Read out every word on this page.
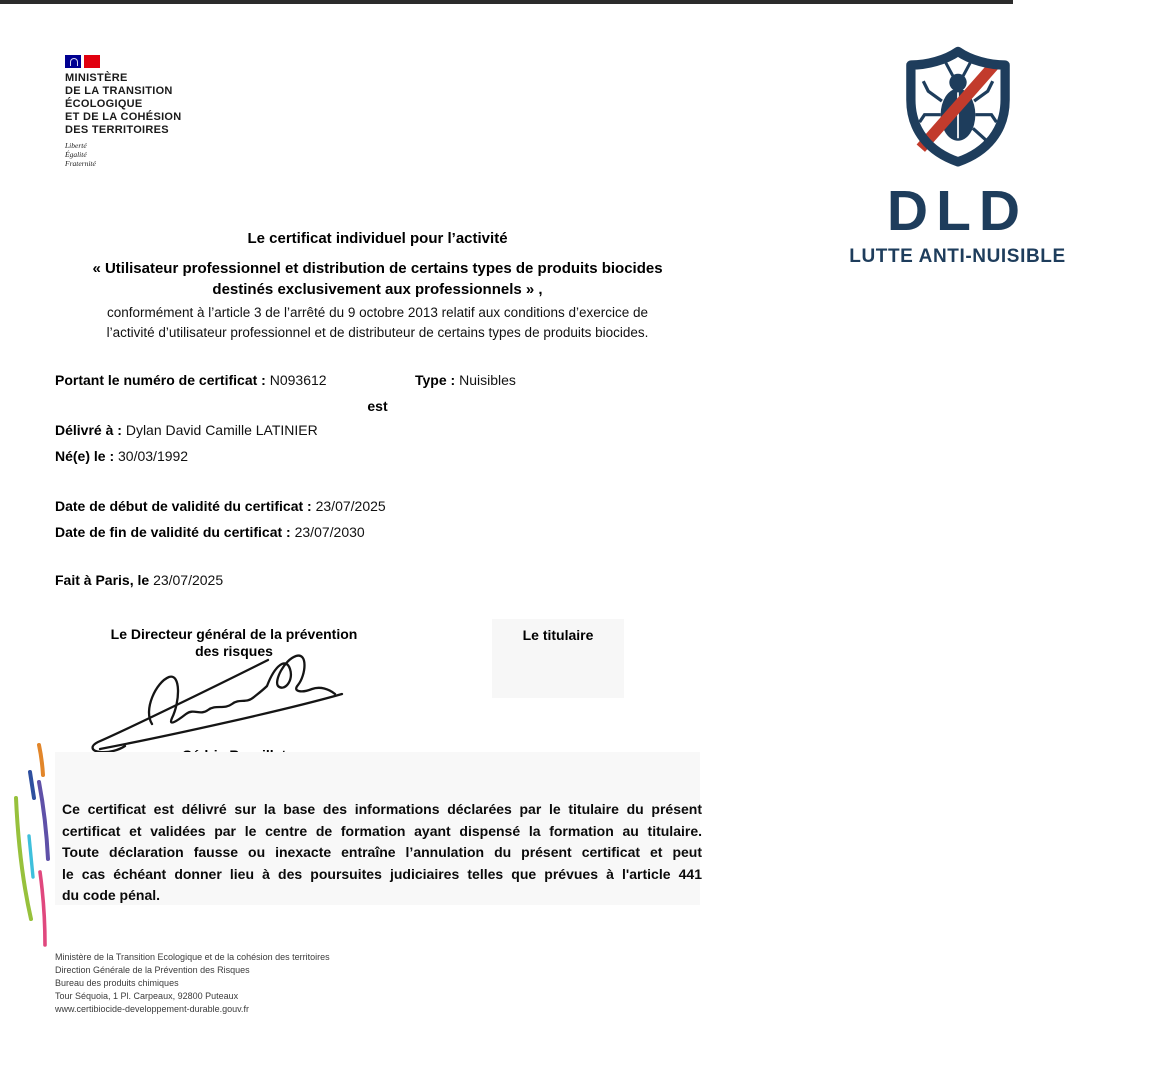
MINISTÈRE
DE LA TRANSITION
ÉCOLOGIQUE
ET DE LA COHÉSION
DES TERRITOIRES
Liberté
Égalité
Fraternité
DLD
LUTTE ANTI-NUISIBLE
Le certificat individuel pour l’activité
« Utilisateur professionnel et distribution de certains types de produits biocides
destinés exclusivement aux professionnels » ,
conformément à l’article 3 de l’arrêté du 9 octobre 2013 relatif aux conditions d’exercice de
l’activité d’utilisateur professionnel et de distributeur de certains types de produits biocides.
Portant le numéro de certificat : N093612	Type : Nuisibles
est
Délivré à : Dylan David Camille LATINIER
Né(e) le : 30/03/1992
Date de début de validité du certificat : 23/07/2025
Date de fin de validité du certificat : 23/07/2030
Fait à Paris, le 23/07/2025
Le Directeur général de la prévention
des risques
Le titulaire
Ce certificat est délivré sur la base des informations déclarées par le titulaire du présent
certificat et validées par le centre de formation ayant dispensé la formation au titulaire.
Toute déclaration fausse ou inexacte entraîne l’annulation du présent certificat et peut
le cas échéant donner lieu à des poursuites judiciaires telles que prévues à l'article 441
du code pénal.
Ministère de la Transition Ecologique et de la cohésion des territoires
Direction Générale de la Prévention des Risques
Bureau des produits chimiques
Tour Séquoia, 1 Pl. Carpeaux, 92800 Puteaux
www.certibiocide-developpement-durable.gouv.fr
